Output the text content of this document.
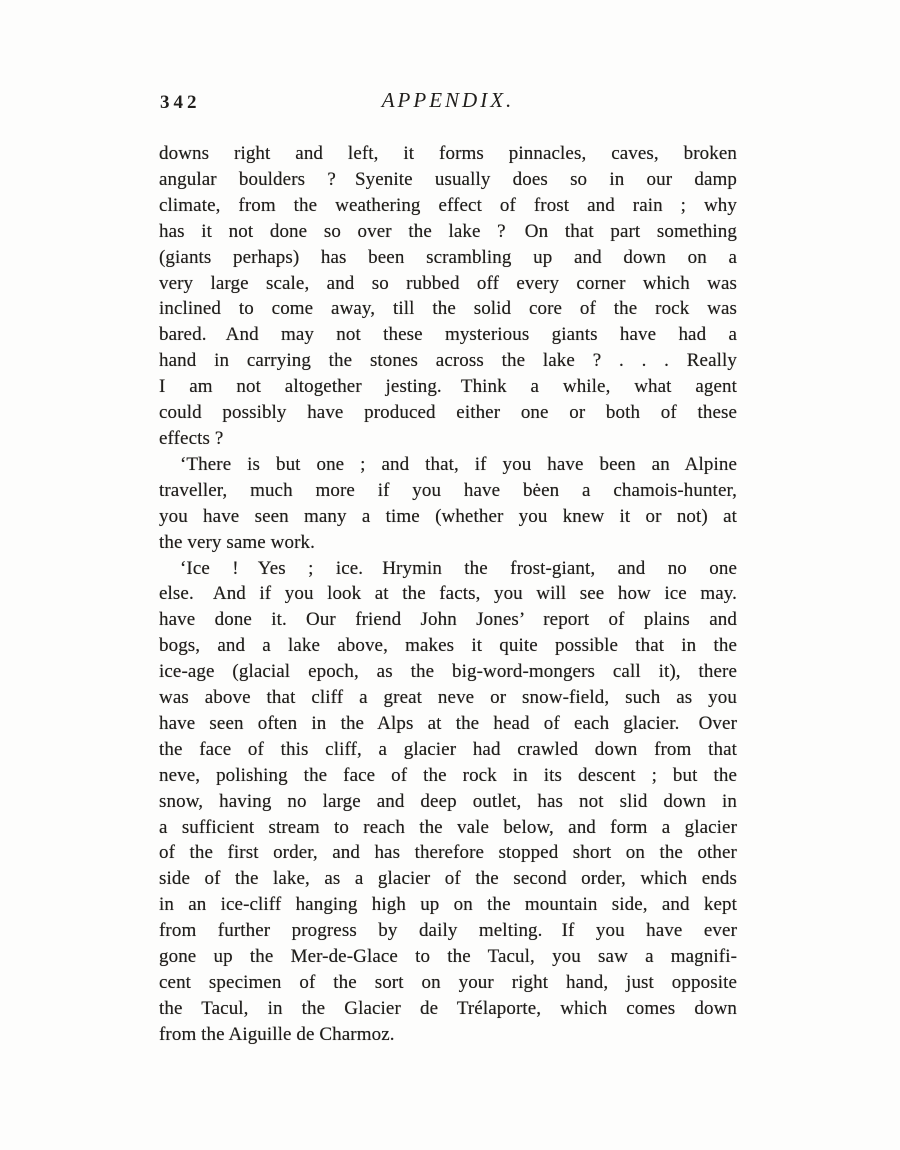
342	APPENDIX.
downs right and left, it forms pinnacles, caves, broken
angular boulders ? Syenite usually does so in our damp
climate, from the weathering effect of frost and rain ; why
has it not done so over the lake ? On that part something
(giants perhaps) has been scrambling up and down on a
very large scale, and so rubbed off every corner which was
inclined to come away, till the solid core of the rock was
bared. And may not these mysterious giants have had a
hand in carrying the stones across the lake ? . . . Really
I am not altogether jesting. Think a while, what agent
could possibly have produced either one or both of these
effects ?
‘There is but one ; and that, if you have been an Alpine
traveller, much more if you have bėen a chamois-hunter,
you have seen many a time (whether you knew it or not) at
the very same work.
‘Ice ! Yes ; ice. Hrymin the frost-giant, and no one
else. And if you look at the facts, you will see how ice may.
have done it. Our friend John Jones’ report of plains and
bogs, and a lake above, makes it quite possible that in the
ice-age (glacial epoch, as the big-word-mongers call it), there
was above that cliff a great neve or snow-field, such as you
have seen often in the Alps at the head of each glacier. Over
the face of this cliff, a glacier had crawled down from that
neve, polishing the face of the rock in its descent ; but the
snow, having no large and deep outlet, has not slid down in
a sufficient stream to reach the vale below, and form a glacier
of the first order, and has therefore stopped short on the other
side of the lake, as a glacier of the second order, which ends
in an ice-cliff hanging high up on the mountain side, and kept
from further progress by daily melting. If you have ever
gone up the Mer-de-Glace to the Tacul, you saw a magnifi-
cent specimen of the sort on your right hand, just opposite
the Tacul, in the Glacier de Trélaporte, which comes down
from the Aiguille de Charmoz.
